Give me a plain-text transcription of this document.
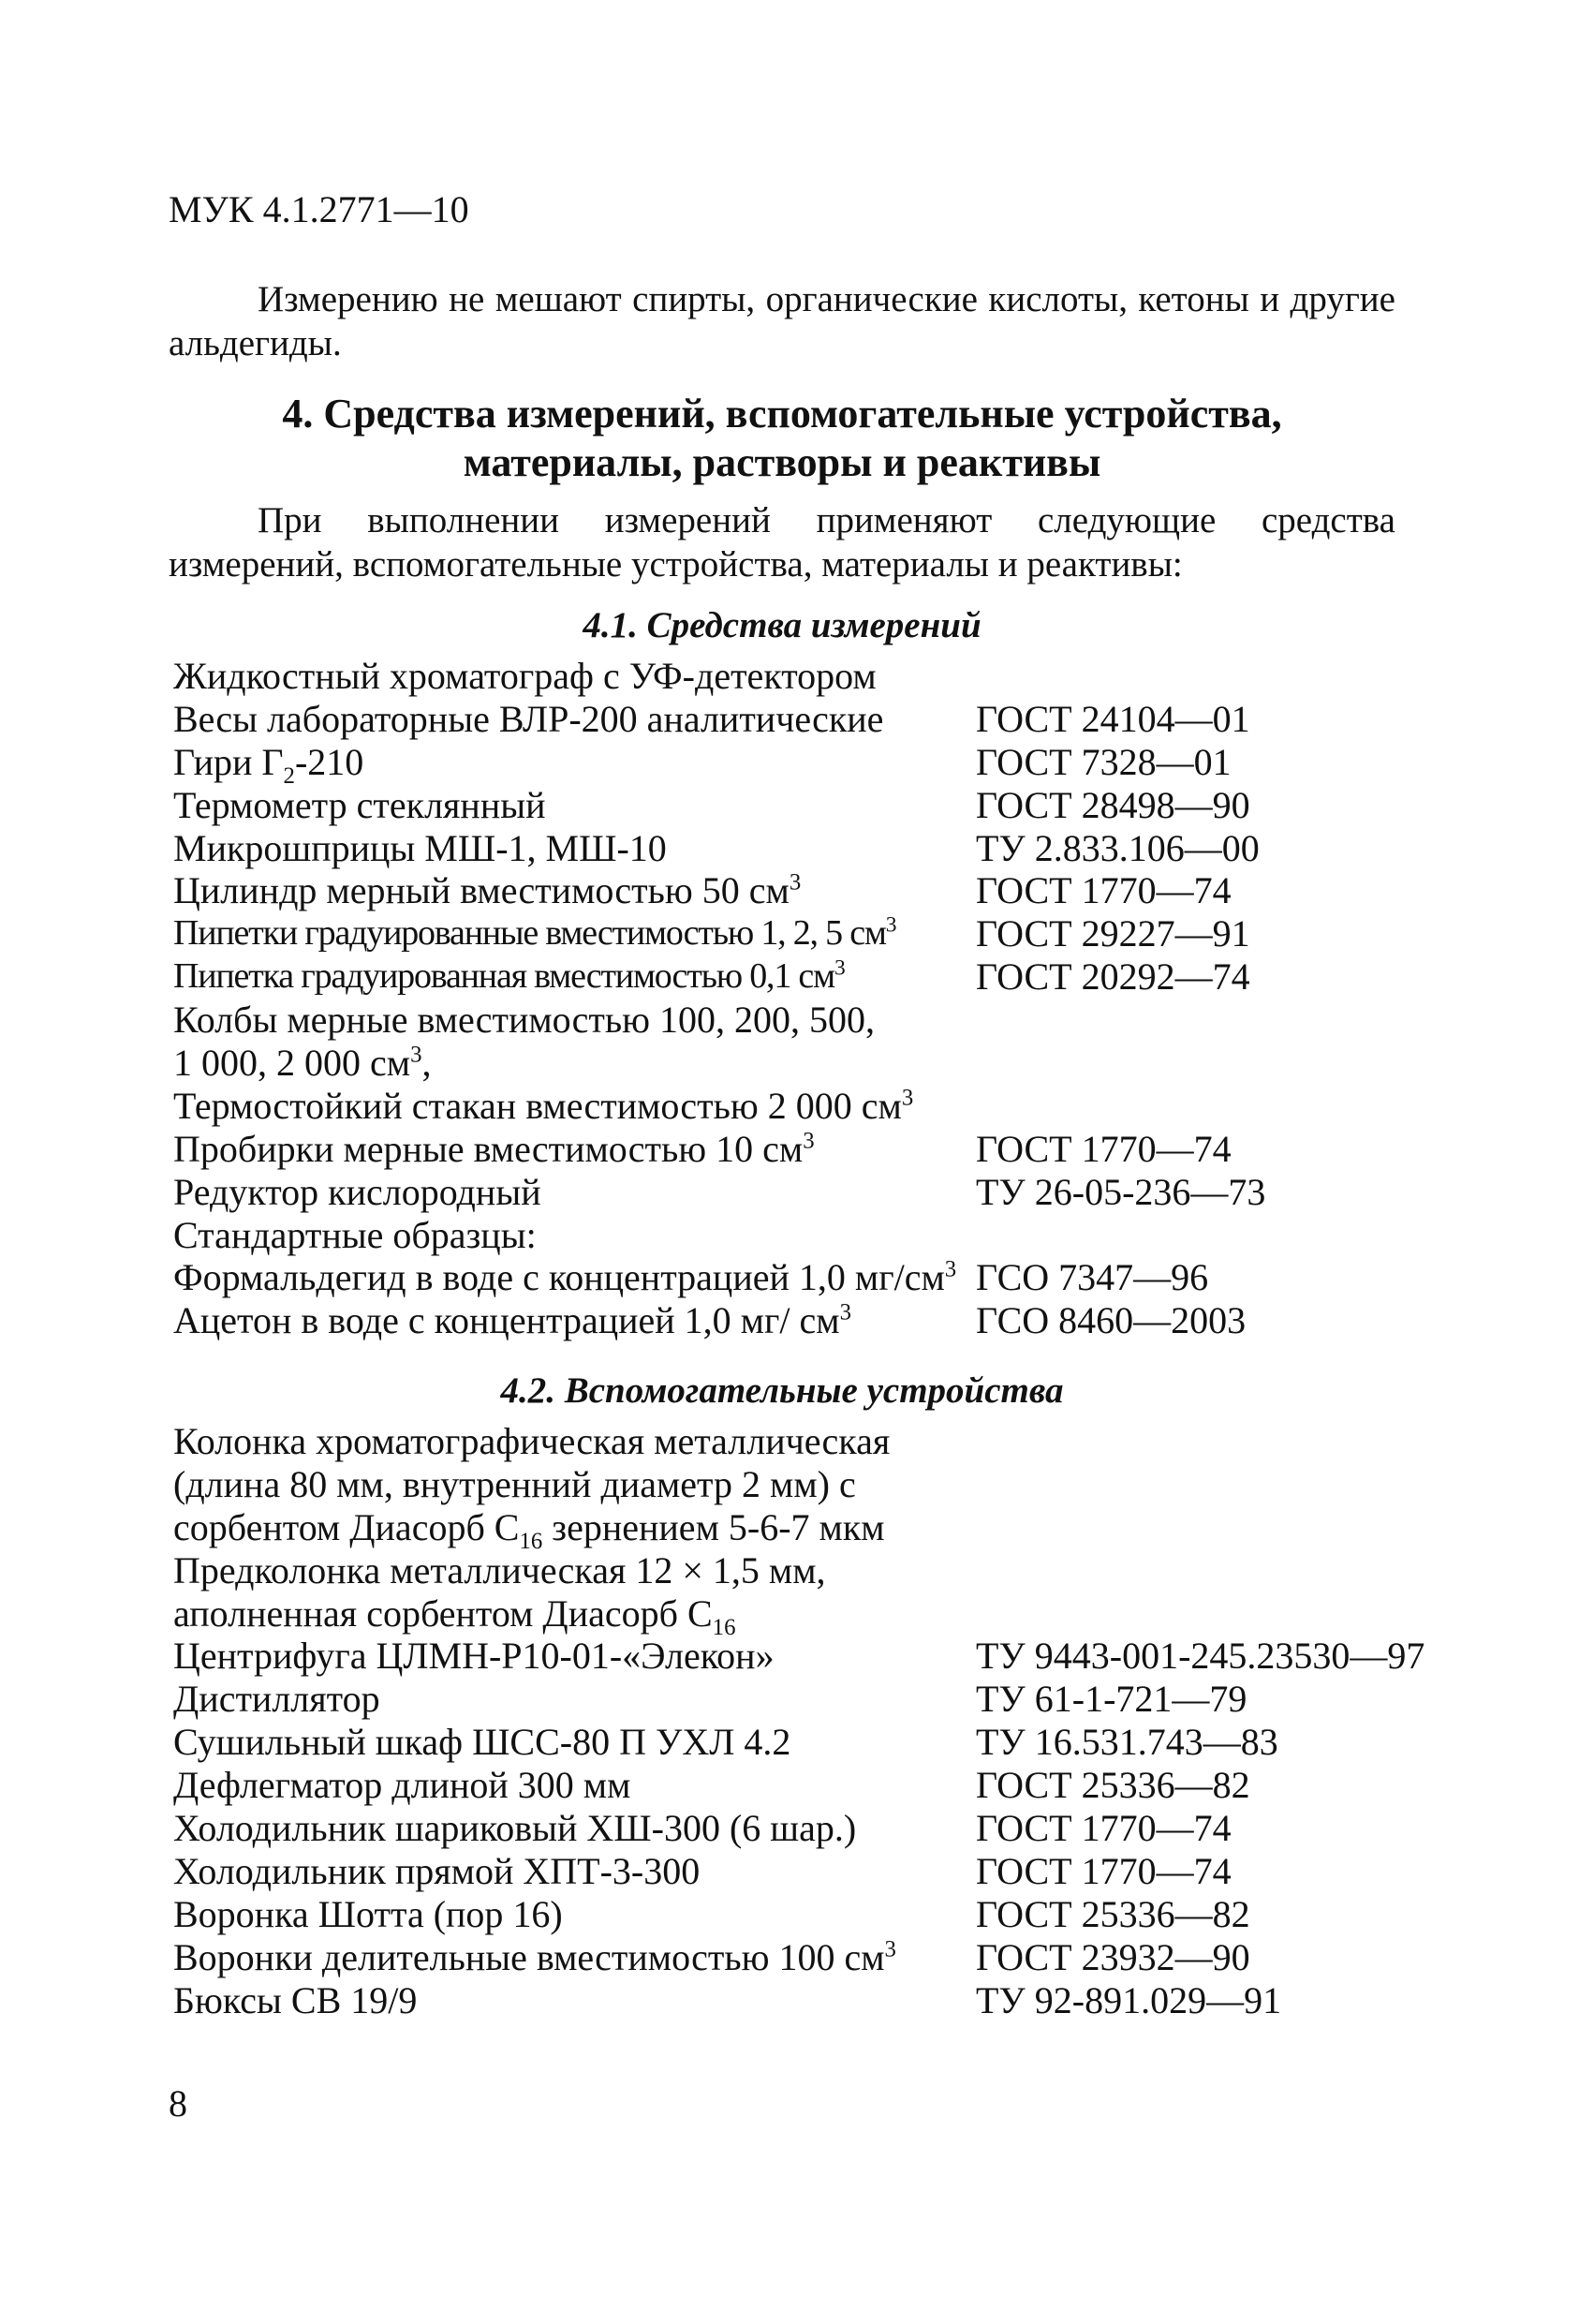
МУК 4.1.2771—10
Измерению не мешают спирты, органические кислоты, кетоны и другие альдегиды.
4. Средства измерений, вспомогательные устройства,
материалы, растворы и реактивы
При выполнении измерений применяют следующие средства измерений, вспомогательные устройства, материалы и реактивы:
4.1. Средства измерений
Жидкостный хроматограф с УФ-детектором
Весы лабораторные ВЛР-200 аналитические ГОСТ 24104—01
Гири $Г_2-210$	ГОСТ 7328—01
Термометр стеклянный	ГОСТ 28498—90
Микрошприцы МШ-1, МШ-10	ТУ 2.833.106—00
Цилиндр мерный вместимостью 50 $см^3$	ГОСТ 1770—74
Пипетки градуированные вместимостью 1, 2, 5 $см^3$ ГОСТ 29227—91
Пипетка градуированная вместимостью 0,1 $см^3$	ГОСТ 20292—74
Колбы мерные вместимостью 100, 200, 500,
1 000, 2 000 $см^3$,
Термостойкий стакан вместимостью 2 000 $см^3$
Пробирки мерные вместимостью 10 $см^3$	ГОСТ 1770—74
Редуктор кислородный	ТУ 26-05-236—73
Стандартные образцы:
Формальдегид в воде с концентрацией 1,0 $мг/см^3$ ГСО 7347—96
Ацетон в воде с концентрацией 1,0 мг/ $см^3$	ГСО 8460—2003
4.2. Вспомогательные устройства
Колонка хроматографическая металлическая
(длина 80 мм, внутренний диаметр 2 мм) с
сорбентом Диасорб $С_{16}$ зернением 5-6-7 мкм
Предколонка металлическая 12 × 1,5 мм,
аполненная сорбентом Диасорб $С_{16}$
Центрифуга ЦЛМН-Р10-01-«Элекон»	ТУ 9443-001-245.23530—97
Дистиллятор	ТУ 61-1-721—79
Сушильный шкаф ШСС-80 П УХЛ 4.2	ТУ 16.531.743—83
Дефлегматор длиной 300 мм	ГОСТ 25336—82
Холодильник шариковый ХШ-300 (6 шар.)	ГОСТ 1770—74
Холодильник прямой ХПТ-3-300	ГОСТ 1770—74
Воронка Шотта (пор 16)	ГОСТ 25336—82
Воронки делительные вместимостью 100 $см^3$ ГОСТ 23932—90
Бюксы СВ 19/9	ТУ 92-891.029—91
8
